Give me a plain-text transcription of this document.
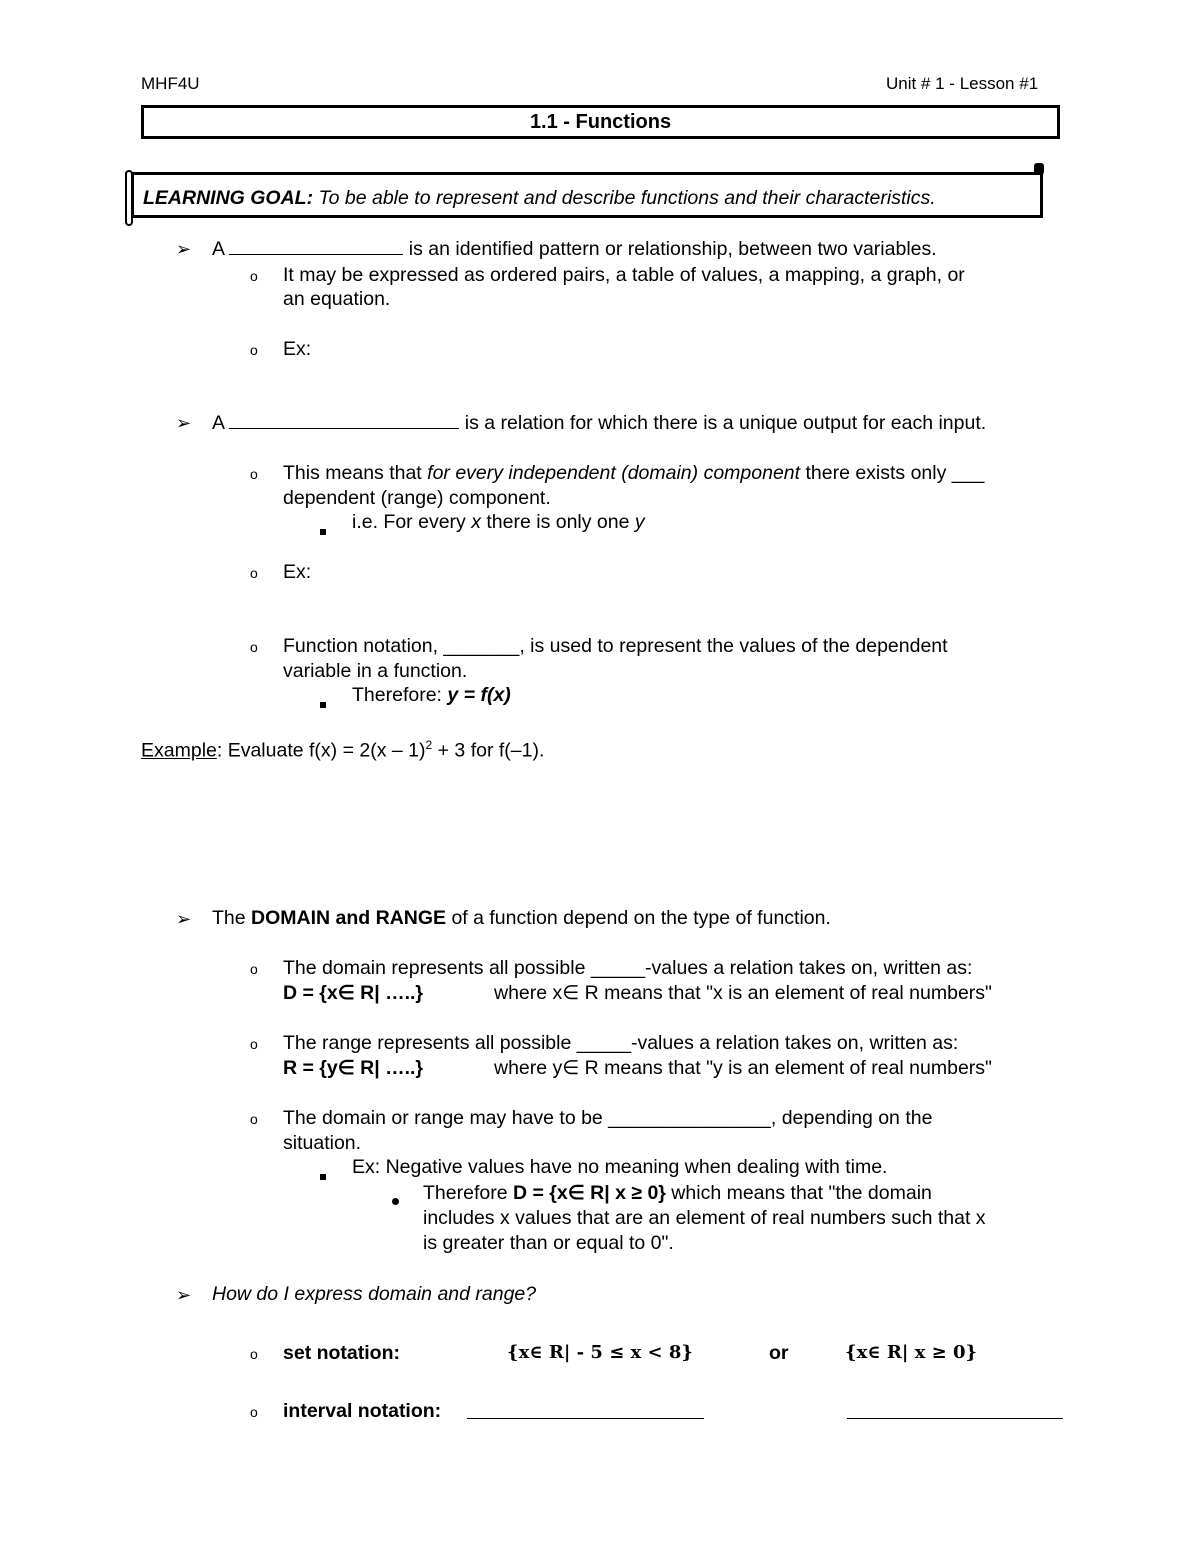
MHF4U	Unit # 1 - Lesson #1
1.1 - Functions
LEARNING GOAL: To be able to represent and describe functions and their characteristics.
➢ A	is an identified pattern or relationship, between two variables.
o It may be expressed as ordered pairs, a table of values, a mapping, a graph, or
an equation.
o Ex:
➢ A	is a relation for which there is a unique output for each input.
o This means that for every independent (domain) component there exists only ___
dependent (range) component.
i.e. For every x there is only one y
o Ex:
o Function notation, _______, is used to represent the values of the dependent
variable in a function.
Therefore: y = f(x)
Example: Evaluate f(x) = 2(x – 1)$^2$ + 3 for f(–1).
➢ The DOMAIN and RANGE of a function depend on the type of function.
o The domain represents all possible _____-values a relation takes on, written as:
D = {x∈ R| …..}	where x∈ R means that "x is an element of real numbers"
o The range represents all possible _____-values a relation takes on, written as:
R = {y∈ R| …..}	where y∈ R means that "y is an element of real numbers"
o The domain or range may have to be _______________, depending on the
situation.
Ex: Negative values have no meaning when dealing with time.
Therefore D = {x∈ R| x ≥ 0} which means that "the domain
includes x values that are an element of real numbers such that x
is greater than or equal to 0".
➢ How do I express domain and range?
o set notation:	{x∈ R| - 5 ≤ x < 8}	or	{x∈ R| x ≥ 0}
o interval notation:
